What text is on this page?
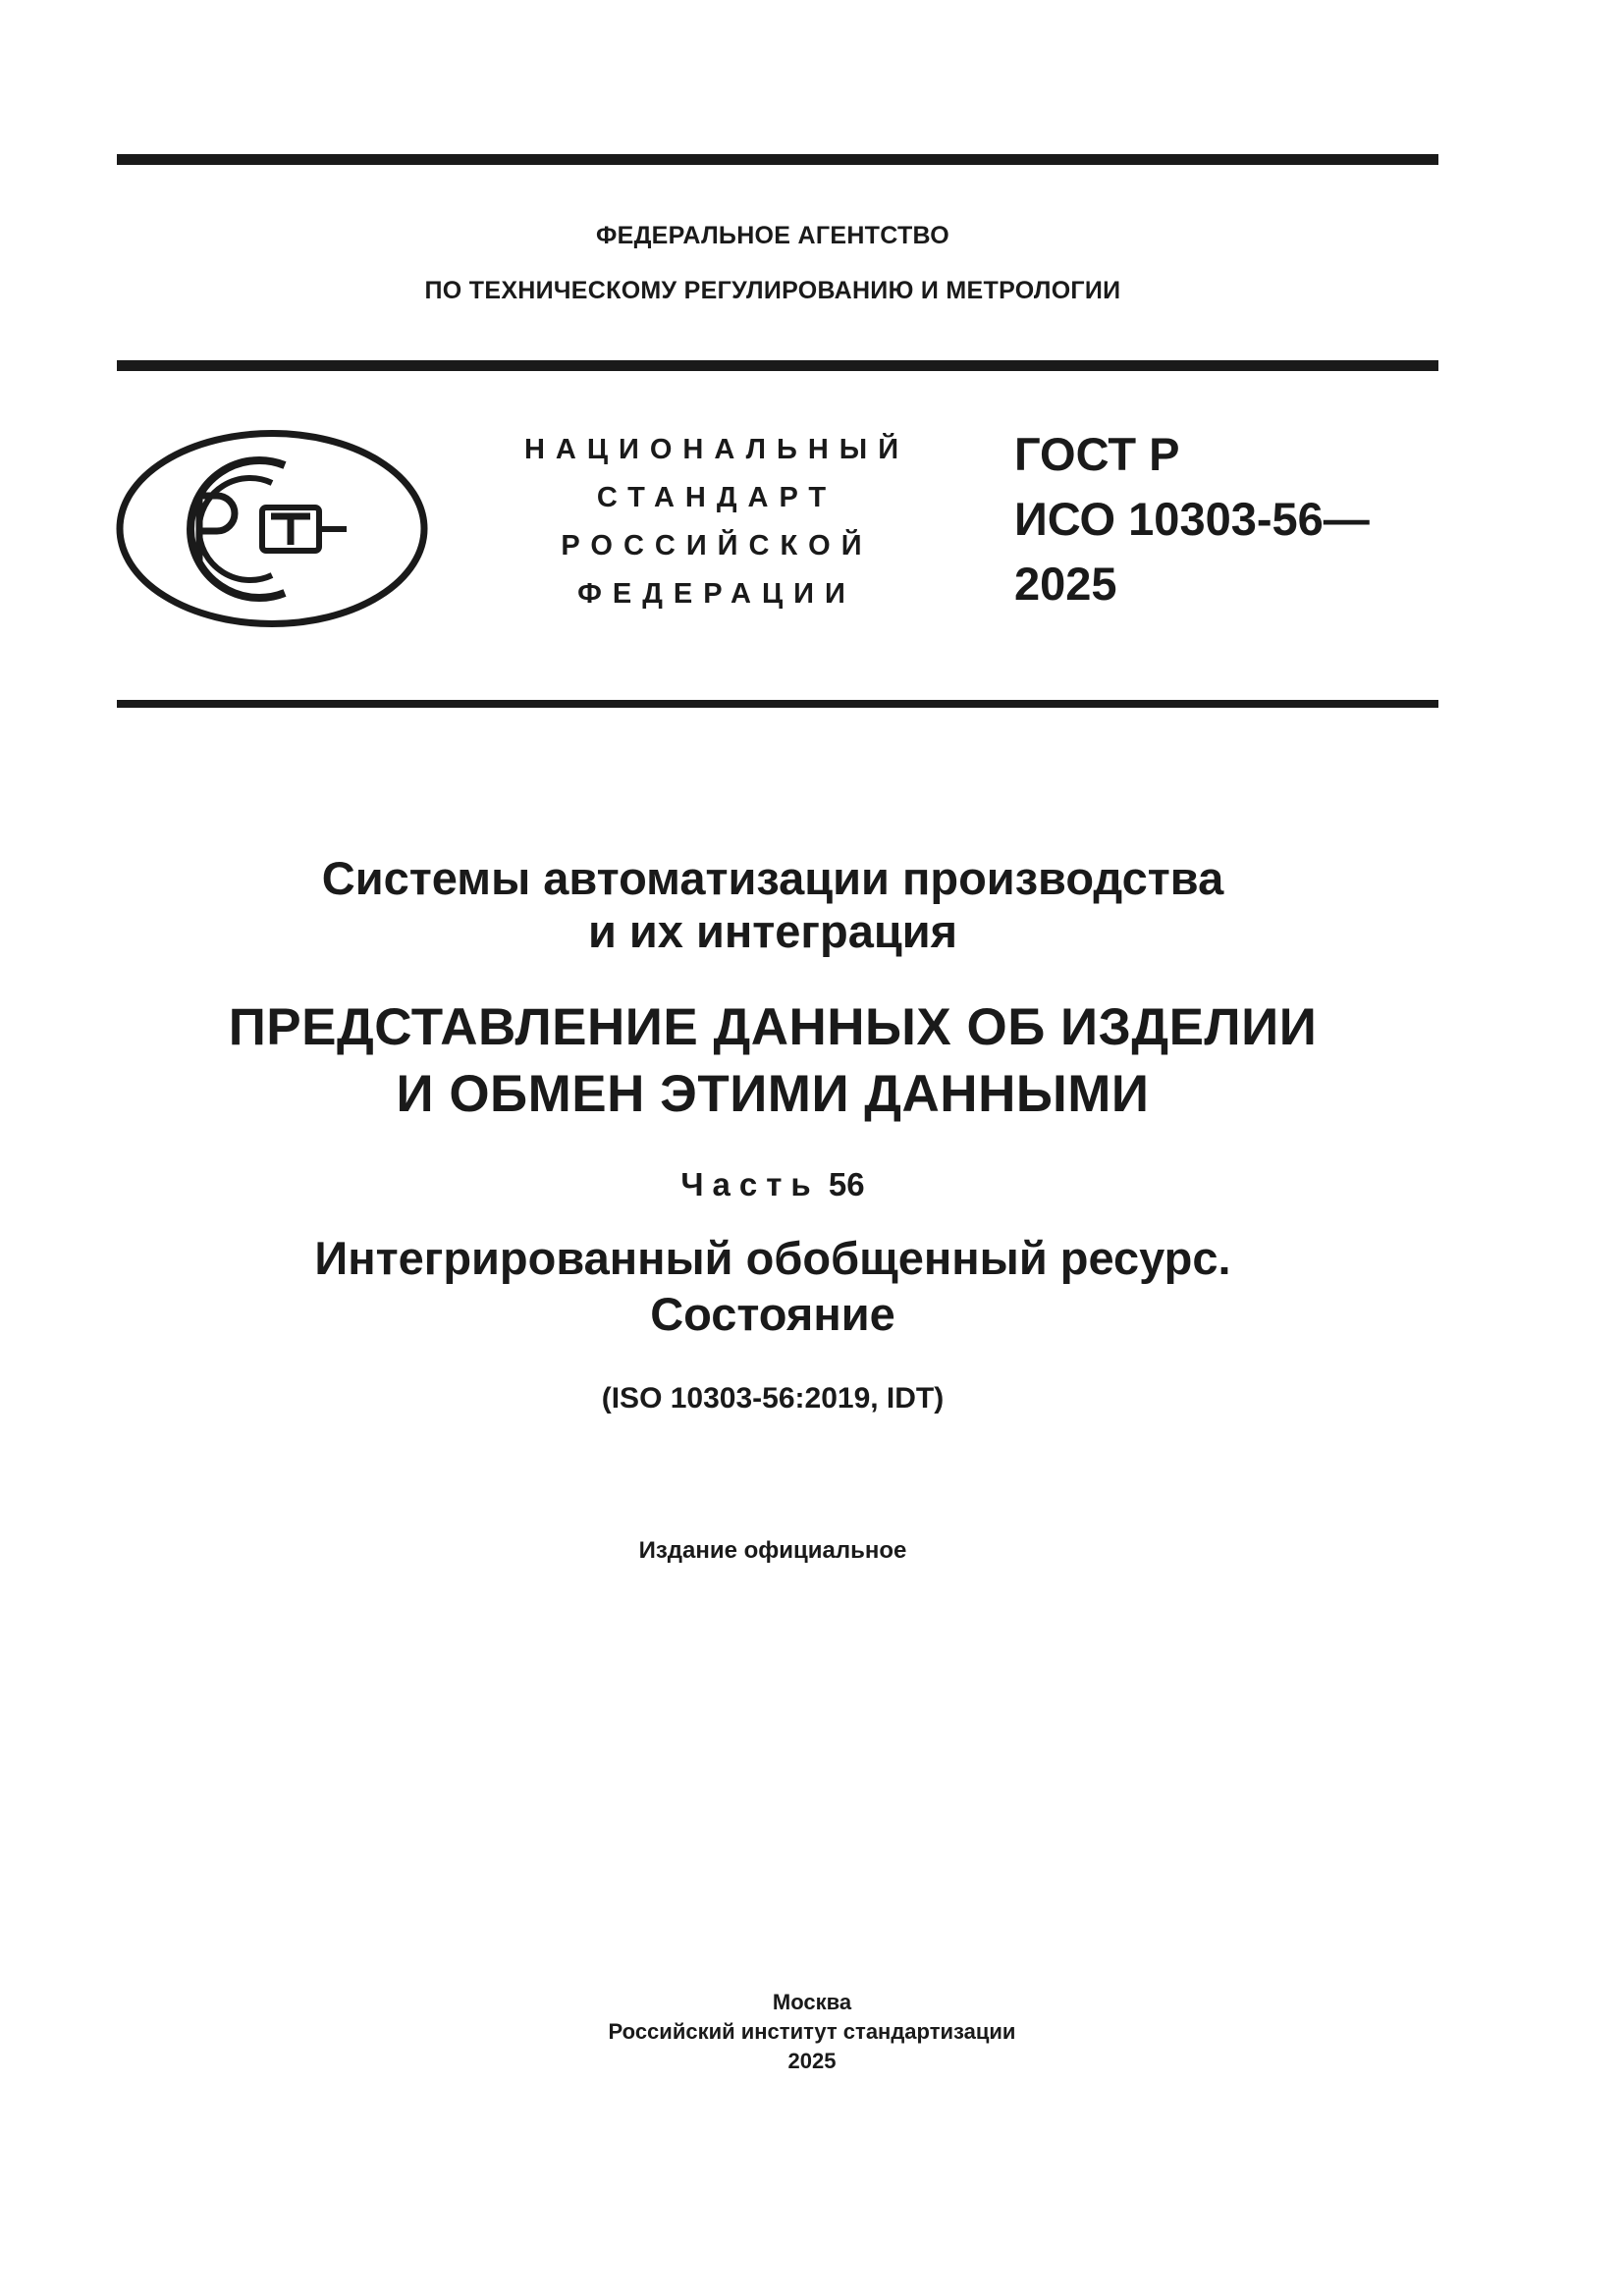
ФЕДЕРАЛЬНОЕ АГЕНТСТВО
ПО ТЕХНИЧЕСКОМУ РЕГУЛИРОВАНИЮ И МЕТРОЛОГИИ
НАЦИОНАЛЬНЫЙ
СТАНДАРТ
РОССИЙСКОЙ
ФЕДЕРАЦИИ
ГОСТ Р
ИСО 10303-56—
2025
Системы автоматизации производства
и их интеграция
ПРЕДСТАВЛЕНИЕ ДАННЫХ ОБ ИЗДЕЛИИ
И ОБМЕН ЭТИМИ ДАННЫМИ
Часть 56
Интегрированный обобщенный ресурс.
Состояние
(ISO 10303-56:2019, IDT)
Издание официальное
Москва
Российский институт стандартизации
2025
